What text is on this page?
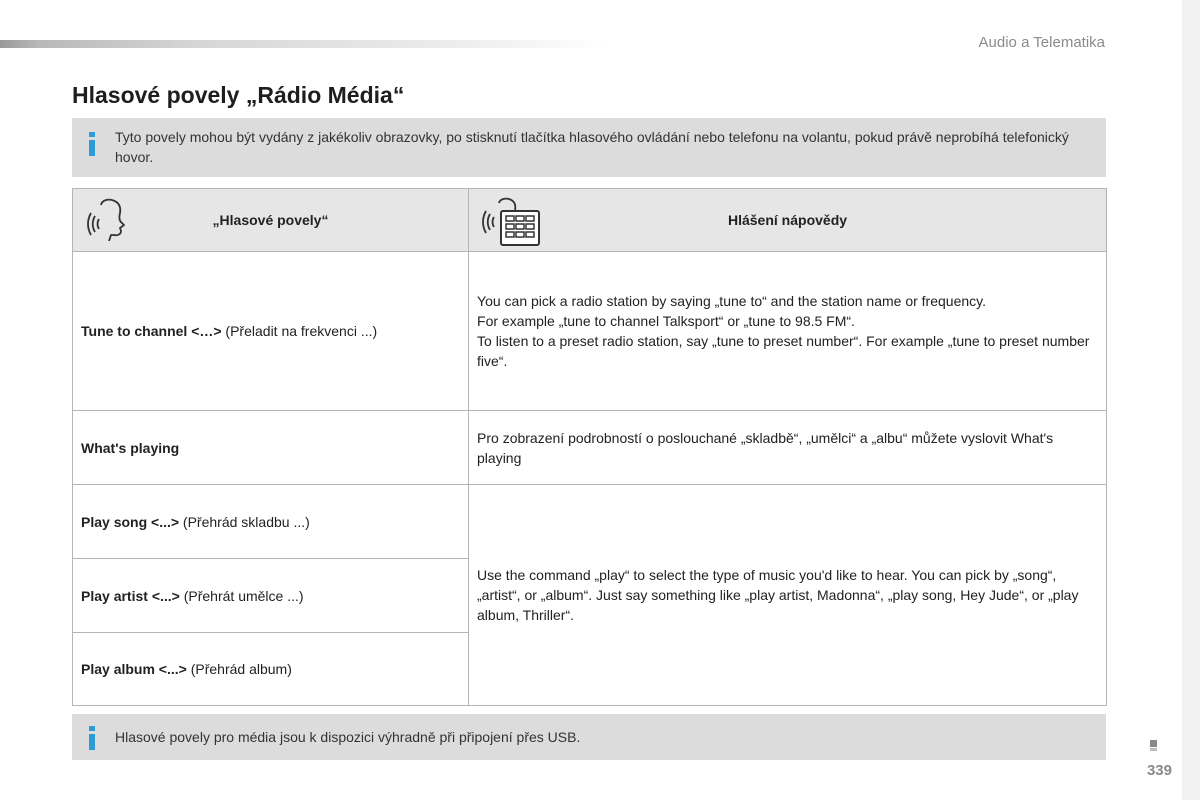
Audio a Telematika
Hlasové povely „Rádio Média“
Tyto povely mohou být vydány z jakékoliv obrazovky, po stisknutí tlačítka hlasového ovládání nebo telefonu na volantu, pokud právě neprobíhá telefonický hovor.
„Hlasové povely“	Hlášení nápovědy

Tune to channel <…> (Přeladit na frekvenci ...)	You can pick a radio station by saying „tune to“ and the station name or frequency.
For example „tune to channel Talksport“ or „tune to 98.5 FM“.
To listen to a preset radio station, say „tune to preset number“. For example „tune to preset number five“.

What's playing	Pro zobrazení podrobností o poslouchané „skladbě“, „umělci“ a „albu“ můžete vyslovit What's playing

Play song <...> (Přehrád skladbu ...)	Use the command „play“ to select the type of music you'd like to hear. You can pick by „song“, „artist“, or „album“. Just say something like „play artist, Madonna“, „play song, Hey Jude“, or „play album, Thriller“.

Play artist <...> (Přehrát umělce ...)	
Play album <...> (Přehrád album)	
Hlasové povely pro média jsou k dispozici výhradně při připojení přes USB.
339
